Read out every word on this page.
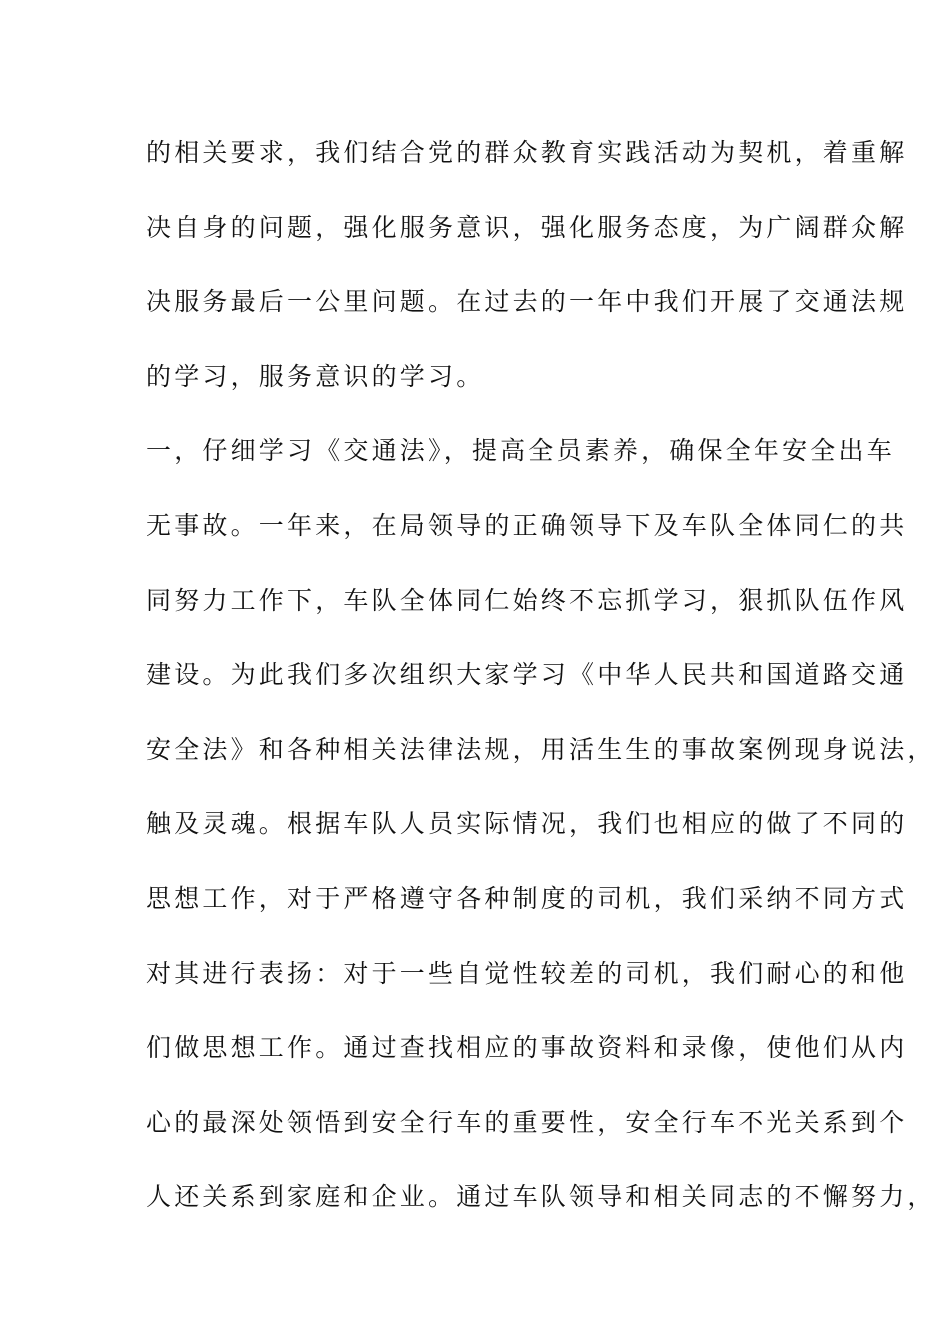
的相关要求，我们结合党的群众教育实践活动为契机，着重解
决自身的问题，强化服务意识，强化服务态度，为广阔群众解
决服务最后一公里问题。在过去的一年中我们开展了交通法规
的学习，服务意识的学习。
一，仔细学习《交通法》，提高全员素养，确保全年安全出车
无事故。一年来，在局领导的正确领导下及车队全体同仁的共
同努力工作下，车队全体同仁始终不忘抓学习，狠抓队伍作风
建设。为此我们多次组织大家学习《中华人民共和国道路交通
安全法》和各种相关法律法规，用活生生的事故案例现身说法，
触及灵魂。根据车队人员实际情况，我们也相应的做了不同的
思想工作，对于严格遵守各种制度的司机，我们采纳不同方式
对其进行表扬：对于一些自觉性较差的司机，我们耐心的和他
们做思想工作。通过查找相应的事故资料和录像，使他们从内
心的最深处领悟到安全行车的重要性，安全行车不光关系到个
人还关系到家庭和企业。通过车队领导和相关同志的不懈努力，
